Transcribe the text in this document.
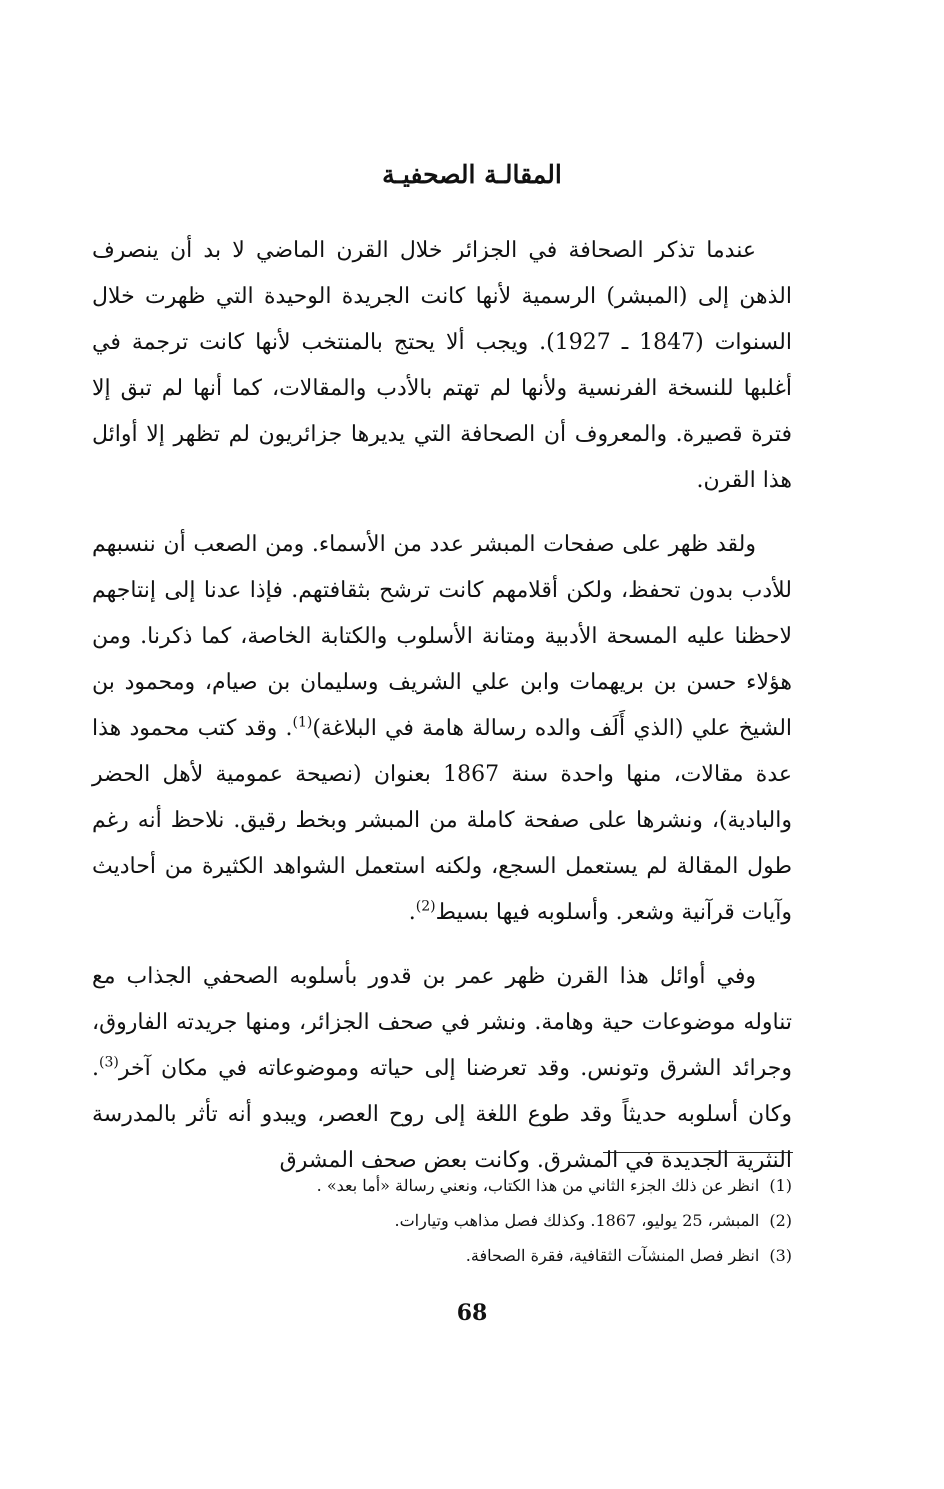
المقالـة الصحفيـة

عندما تذكر الصحافة في الجزائر خلال القرن الماضي لا بد أن ينصرف الذهن إلى (المبشر) الرسمية لأنها كانت الجريدة الوحيدة التي ظهرت خلال السنوات (1847 ـ 1927). ويجب ألا يحتج بالمنتخب لأنها كانت ترجمة في أغلبها للنسخة الفرنسية ولأنها لم تهتم بالأدب والمقالات، كما أنها لم تبق إلا فترة قصيرة. والمعروف أن الصحافة التي يديرها جزائريون لم تظهر إلا أوائل هذا القرن.

ولقد ظهر على صفحات المبشر عدد من الأسماء. ومن الصعب أن ننسبهم للأدب بدون تحفظ، ولكن أقلامهم كانت ترشح بثقافتهم. فإذا عدنا إلى إنتاجهم لاحظنا عليه المسحة الأدبية ومتانة الأسلوب والكتابة الخاصة، كما ذكرنا. ومن هؤلاء حسن بن بريهمات وابن علي الشريف وسليمان بن صيام، ومحمود بن الشيخ علي (الذي أَلَف والده رسالة هامة في البلاغة)$^{(1)}$. وقد كتب محمود هذا عدة مقالات، منها واحدة سنة 1867 بعنوان (نصيحة عمومية لأهل الحضر والبادية)، ونشرها على صفحة كاملة من المبشر وبخط رقيق. نلاحظ أنه رغم طول المقالة لم يستعمل السجع، ولكنه استعمل الشواهد الكثيرة من أحاديث وآيات قرآنية وشعر. وأسلوبه فيها بسيط$^{(2)}$.

وفي أوائل هذا القرن ظهر عمر بن قدور بأسلوبه الصحفي الجذاب مع تناوله موضوعات حية وهامة. ونشر في صحف الجزائر، ومنها جريدته الفاروق، وجرائد الشرق وتونس. وقد تعرضنا إلى حياته وموضوعاته في مكان آخر$^{(3)}$. وكان أسلوبه حديثاً وقد طوع اللغة إلى روح العصر، ويبدو أنه تأثر بالمدرسة النثرية الجديدة في المشرق. وكانت بعض صحف المشرق

(1)انظر عن ذلك الجزء الثاني من هذا الكتاب، ونعني رسالة «أما بعد» .
(2)المبشر، 25 يوليو، 1867. وكذلك فصل مذاهب وتيارات.
(3)انظر فصل المنشآت الثقافية، فقرة الصحافة.
68
